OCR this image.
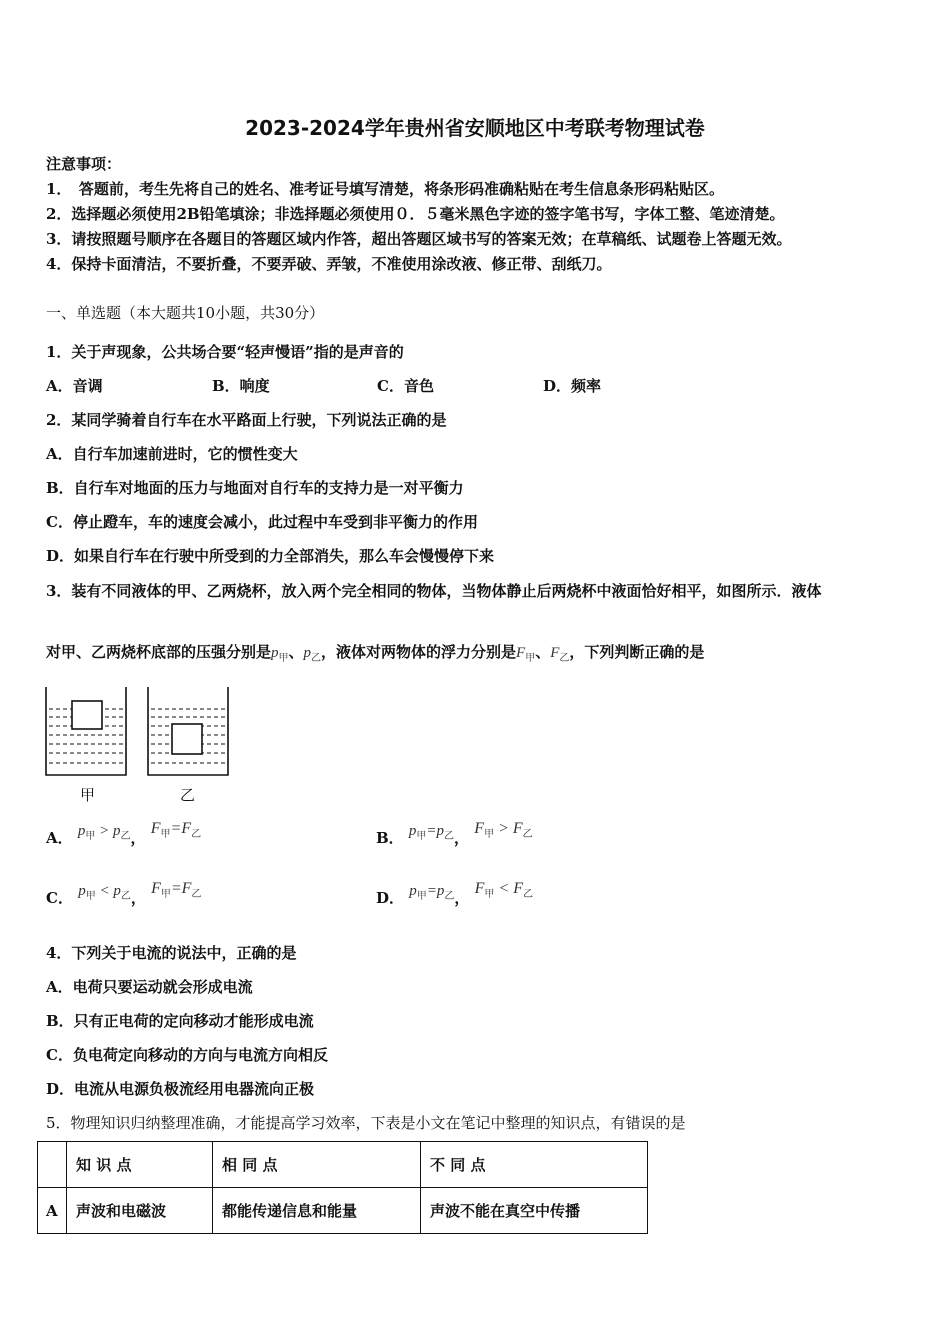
2023-2024学年贵州省安顺地区中考联考物理试卷
注意事项：
1．　答题前，考生先将自己的姓名、准考证号填写清楚，将条形码准确粘贴在考生信息条形码粘贴区。
2．选择题必须使用2B铅笔填涂；非选择题必须使用０．５毫米黑色字迹的签字笔书写，字体工整、笔迹清楚。
3．请按照题号顺序在各题目的答题区域内作答，超出答题区域书写的答案无效；在草稿纸、试题卷上答题无效。
4．保持卡面清洁，不要折叠，不要弄破、弄皱，不准使用涂改液、修正带、刮纸刀。
一、单选题（本大题共10小题，共30分）
1．关于声现象，公共场合要“轻声慢语”指的是声音的
A．音调	B．响度	C．音色	D．频率
2．某同学骑着自行车在水平路面上行驶，下列说法正确的是
A．自行车加速前进时，它的惯性变大
B．自行车对地面的压力与地面对自行车的支持力是一对平衡力
C．停止蹬车，车的速度会减小，此过程中车受到非平衡力的作用
D．如果自行车在行驶中所受到的力全部消失，那么车会慢慢停下来
3．装有不同液体的甲、乙两烧杯，放入两个完全相同的物体，当物体静止后两烧杯中液面恰好相平，如图所示．液体
对甲、乙两烧杯底部的压强分别是$p_甲$、$p_乙$，液体对两物体的浮力分别是$F_甲$、$F_乙$，下列判断正确的是
甲	乙
A． $p_甲 > p_乙$， $F_甲=F_乙$	B． $p_甲=p_乙$， $F_甲 > F_乙$
C． $p_甲 < p_乙$， $F_甲=F_乙$	D． $p_甲=p_乙$， $F_甲 < F_乙$
4．下列关于电流的说法中，正确的是
A．电荷只要运动就会形成电流
B．只有正电荷的定向移动才能形成电流
C．负电荷定向移动的方向与电流方向相反
D．电流从电源负极流经用电器流向正极
5．物理知识归纳整理准确，才能提高学习效率，下表是小文在笔记中整理的知识点，有错误的是
	知 识 点	相 同 点	不 同 点
A	声波和电磁波	都能传递信息和能量	声波不能在真空中传播
